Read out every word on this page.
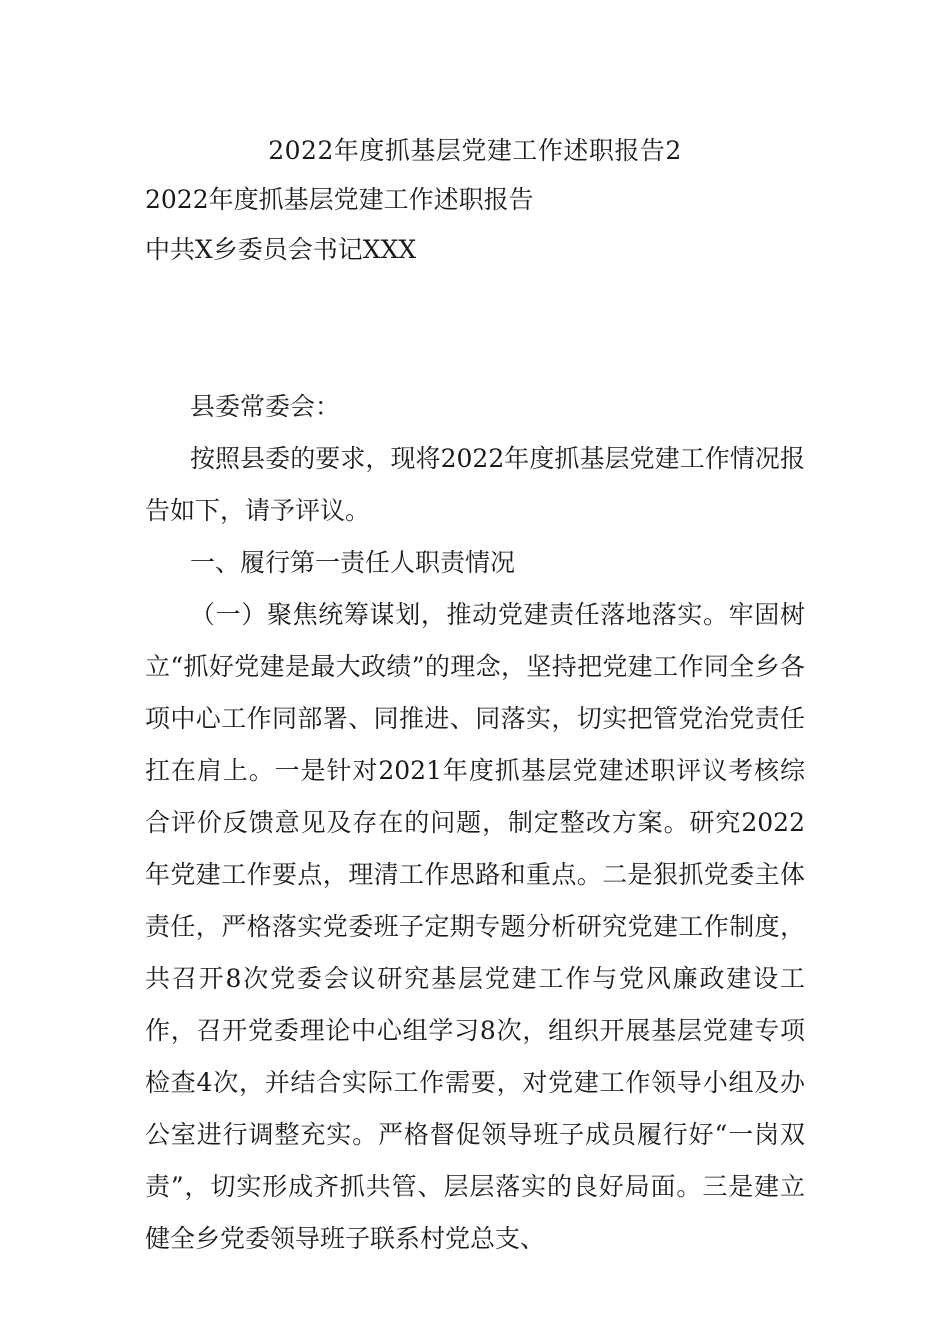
2022年度抓基层党建工作述职报告2

2022年度抓基层党建工作述职报告

中共X乡委员会书记XXX

县委常委会：

按照县委的要求，现将2022年度抓基层党建工作情况报告如下，请予评议。

一、履行第一责任人职责情况

（一）聚焦统筹谋划，推动党建责任落地落实。牢固树立“抓好党建是最大政绩”的理念，坚持把党建工作同全乡各项中心工作同部署、同推进、同落实，切实把管党治党责任扛在肩上。一是针对2021年度抓基层党建述职评议考核综合评价反馈意见及存在的问题，制定整改方案。研究2022年党建工作要点，理清工作思路和重点。二是狠抓党委主体责任，严格落实党委班子定期专题分析研究党建工作制度，共召开8次党委会议研究基层党建工作与党风廉政建设工作，召开党委理论中心组学习8次，组织开展基层党建专项检查4次，并结合实际工作需要，对党建工作领导小组及办公室进行调整充实。严格督促领导班子成员履行好“一岗双责”，切实形成齐抓共管、层层落实的良好局面。三是建立健全乡党委领导班子联系村党总支、
